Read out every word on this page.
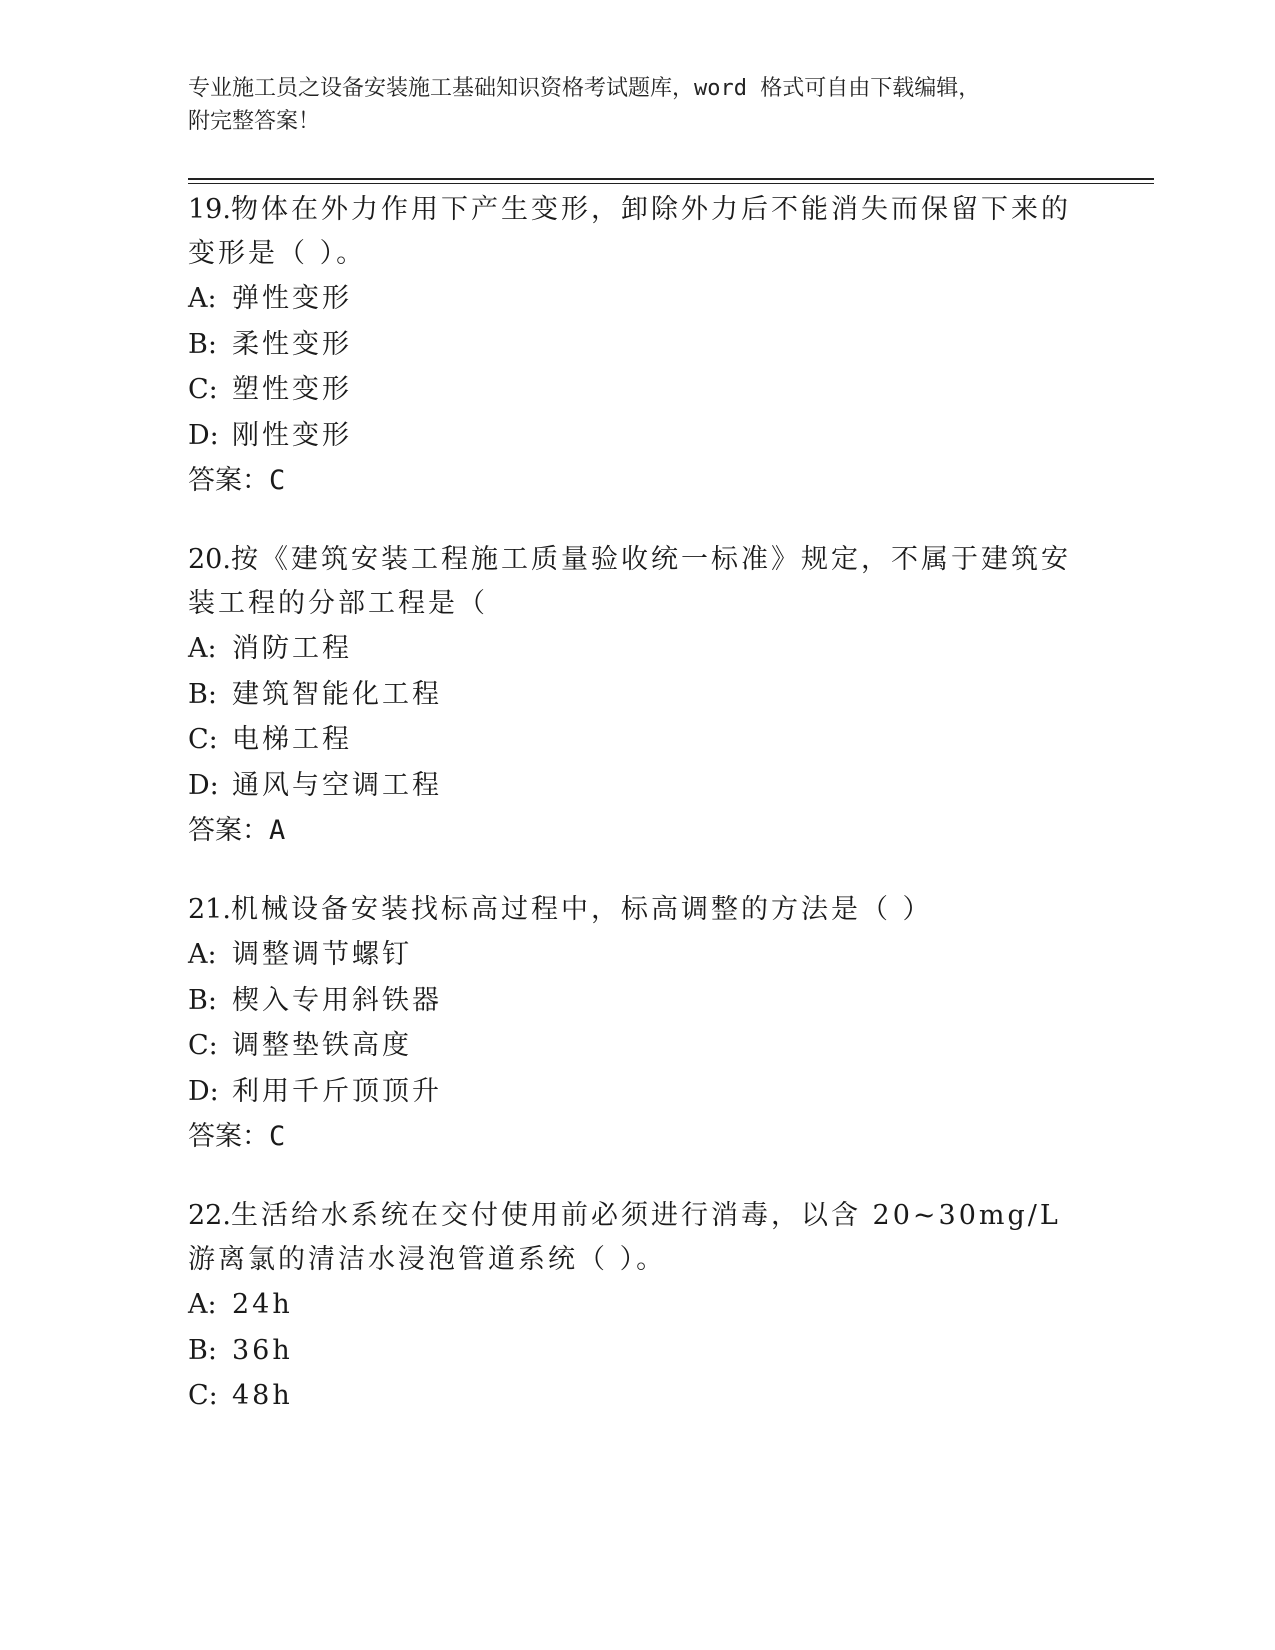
专业施工员之设备安装施工基础知识资格考试题库，word 格式可自由下载编辑，
附完整答案！

19.物体在外力作用下产生变形，卸除外力后不能消失而保留下来的变形是（ ）。

A: 弹性变形
B: 柔性变形
C: 塑性变形
D: 刚性变形
答案：C

20.按《建筑安装工程施工质量验收统一标准》规定，不属于建筑安装工程的分部工程是（

A: 消防工程
B: 建筑智能化工程
C: 电梯工程
D: 通风与空调工程
答案：A

21.机械设备安装找标高过程中，标高调整的方法是（ ）

A: 调整调节螺钉
B: 楔入专用斜铁器
C: 调整垫铁高度
D: 利用千斤顶顶升
答案：C

22.生活给水系统在交付使用前必须进行消毒，以含 20~30mg/L 游离氯的清洁水浸泡管道系统（ ）。

A: 24h
B: 36h
C: 48h
